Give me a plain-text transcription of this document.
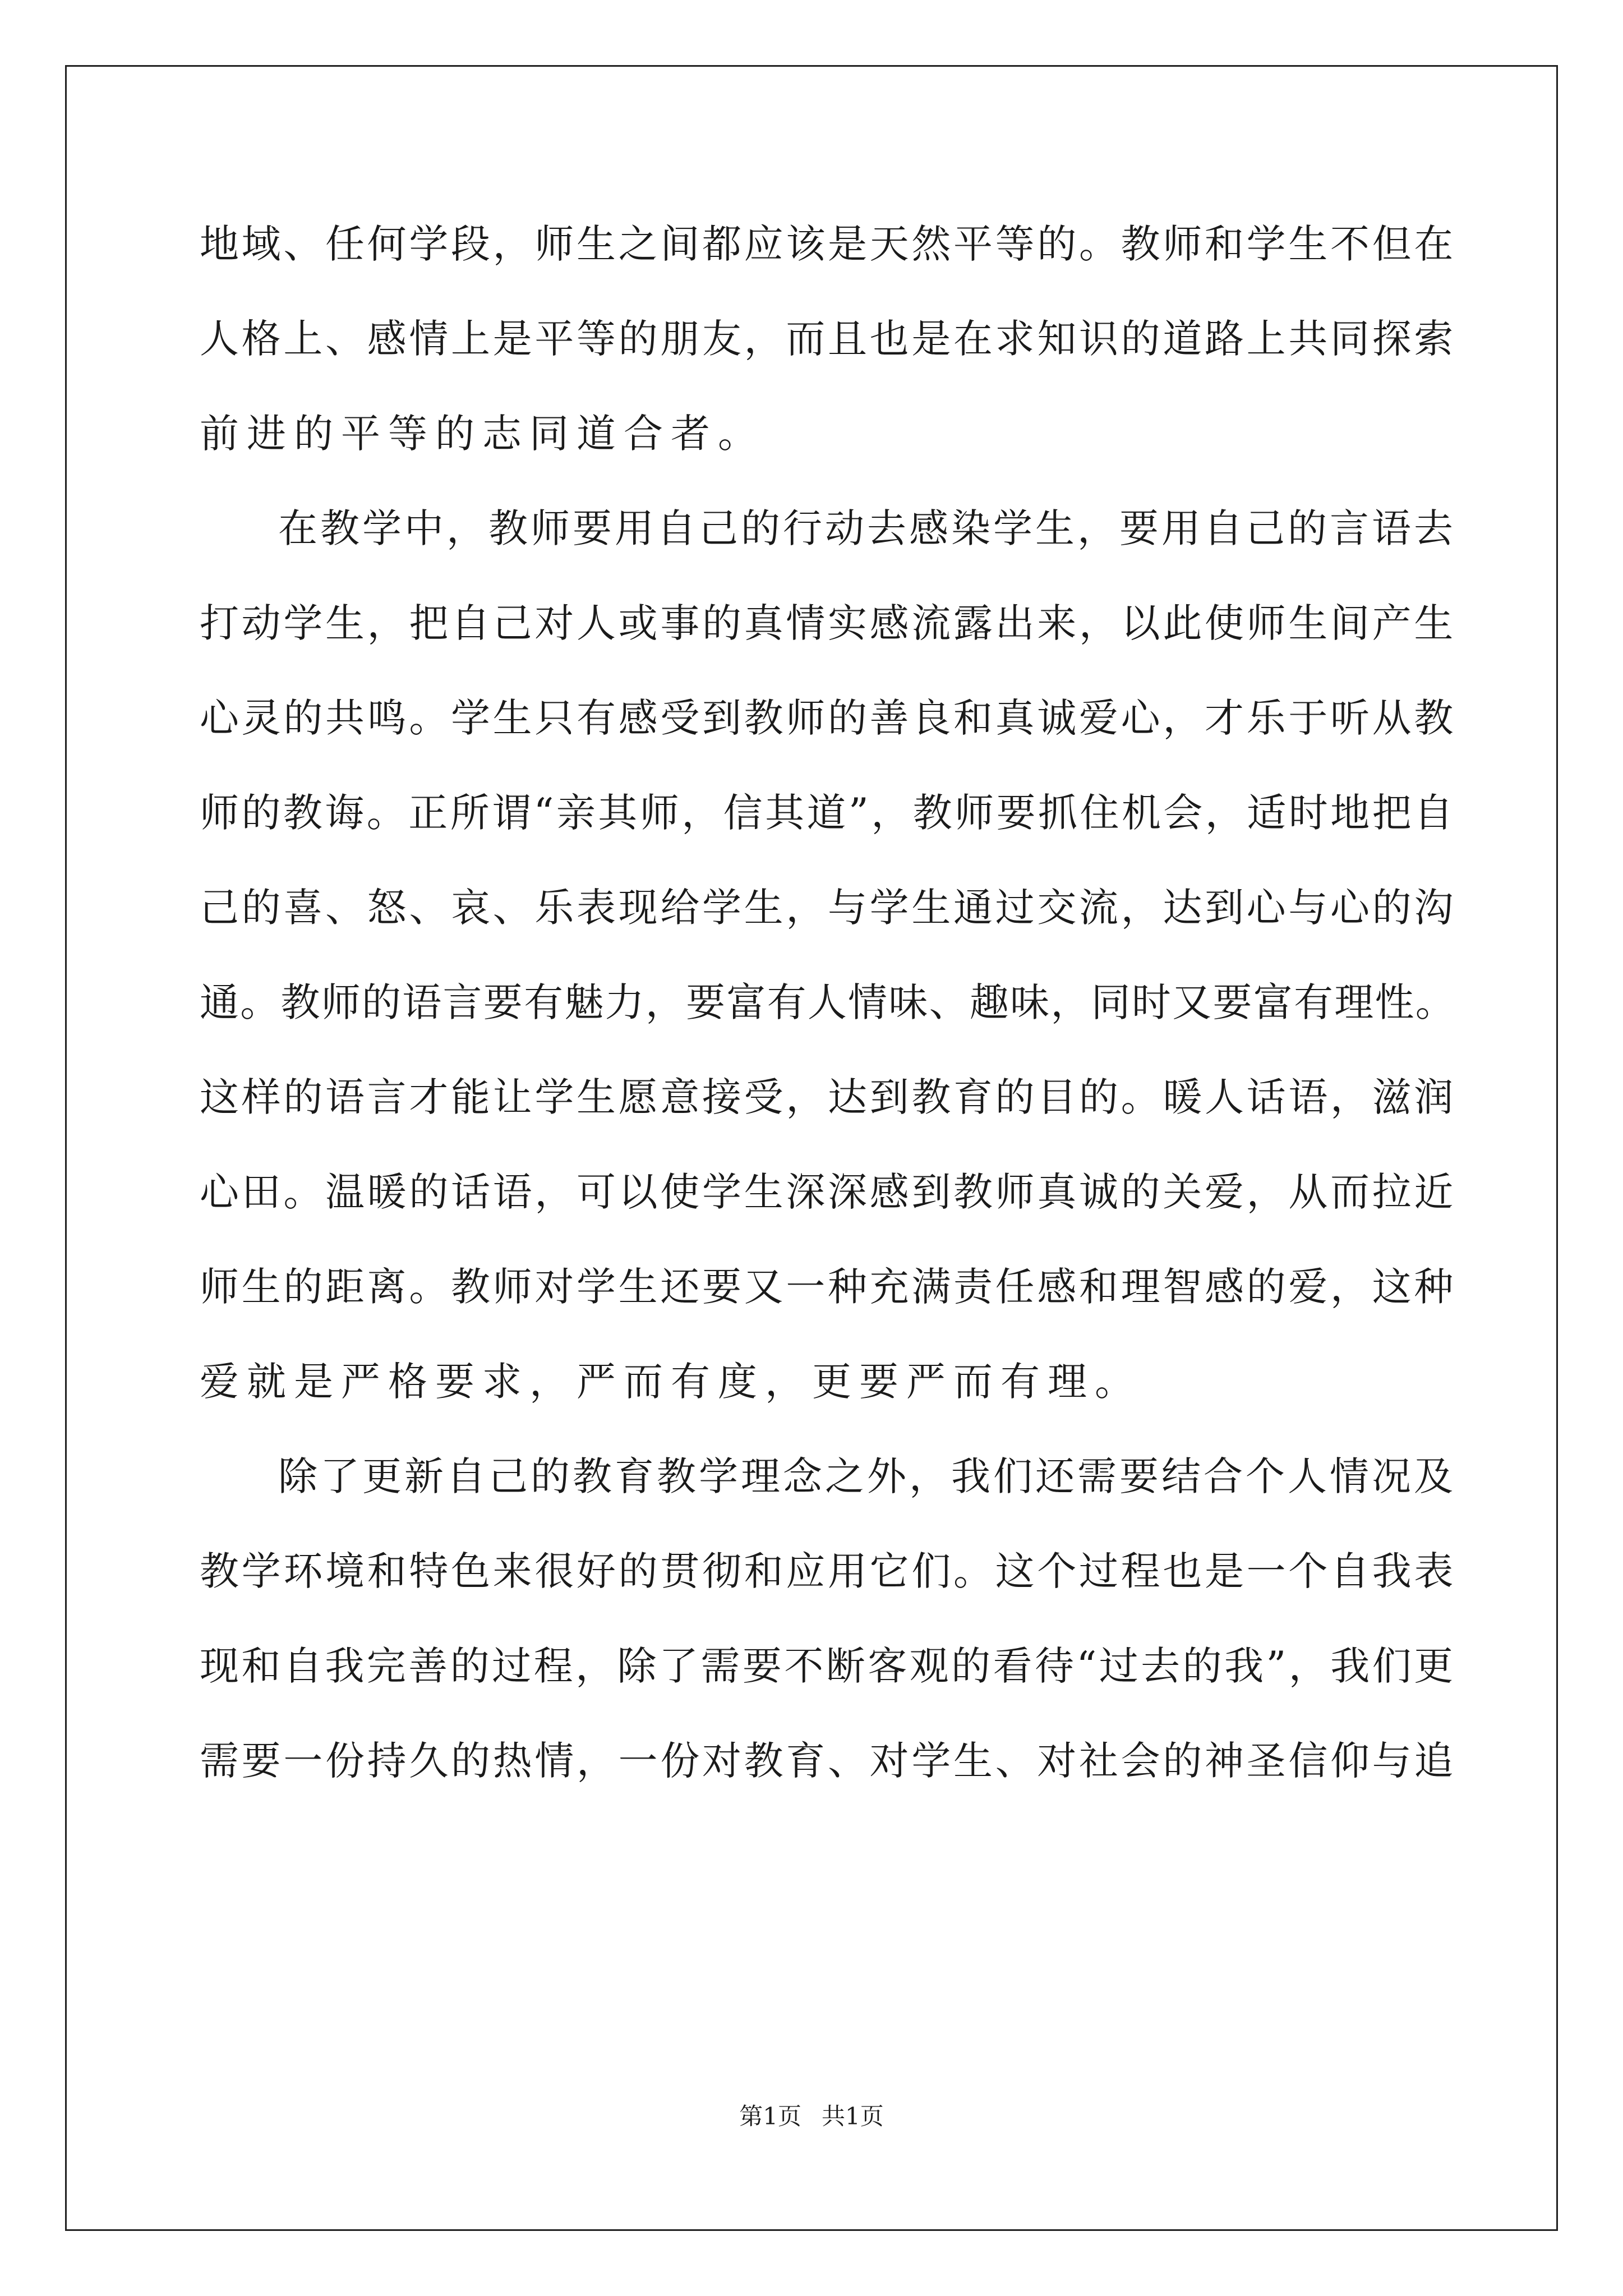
地域、任何学段，师生之间都应该是天然平等的。教师和学生不但在
人格上、感情上是平等的朋友，而且也是在求知识的道路上共同探索
前进的平等的志同道合者。
在教学中，教师要用自己的行动去感染学生，要用自己的言语去
打动学生，把自己对人或事的真情实感流露出来，以此使师生间产生
心灵的共鸣。学生只有感受到教师的善良和真诚爱心，才乐于听从教
师的教诲。正所谓“亲其师，信其道”，教师要抓住机会，适时地把自
己的喜、怒、哀、乐表现给学生，与学生通过交流，达到心与心的沟
通。教师的语言要有魅力，要富有人情味、趣味，同时又要富有理性。
这样的语言才能让学生愿意接受，达到教育的目的。暖人话语，滋润
心田。温暖的话语，可以使学生深深感到教师真诚的关爱，从而拉近
师生的距离。教师对学生还要又一种充满责任感和理智感的爱，这种
爱就是严格要求，严而有度，更要严而有理。
除了更新自己的教育教学理念之外，我们还需要结合个人情况及
教学环境和特色来很好的贯彻和应用它们。这个过程也是一个自我表
现和自我完善的过程，除了需要不断客观的看待“过去的我”，我们更
需要一份持久的热情，一份对教育、对学生、对社会的神圣信仰与追
第1页 共1页
